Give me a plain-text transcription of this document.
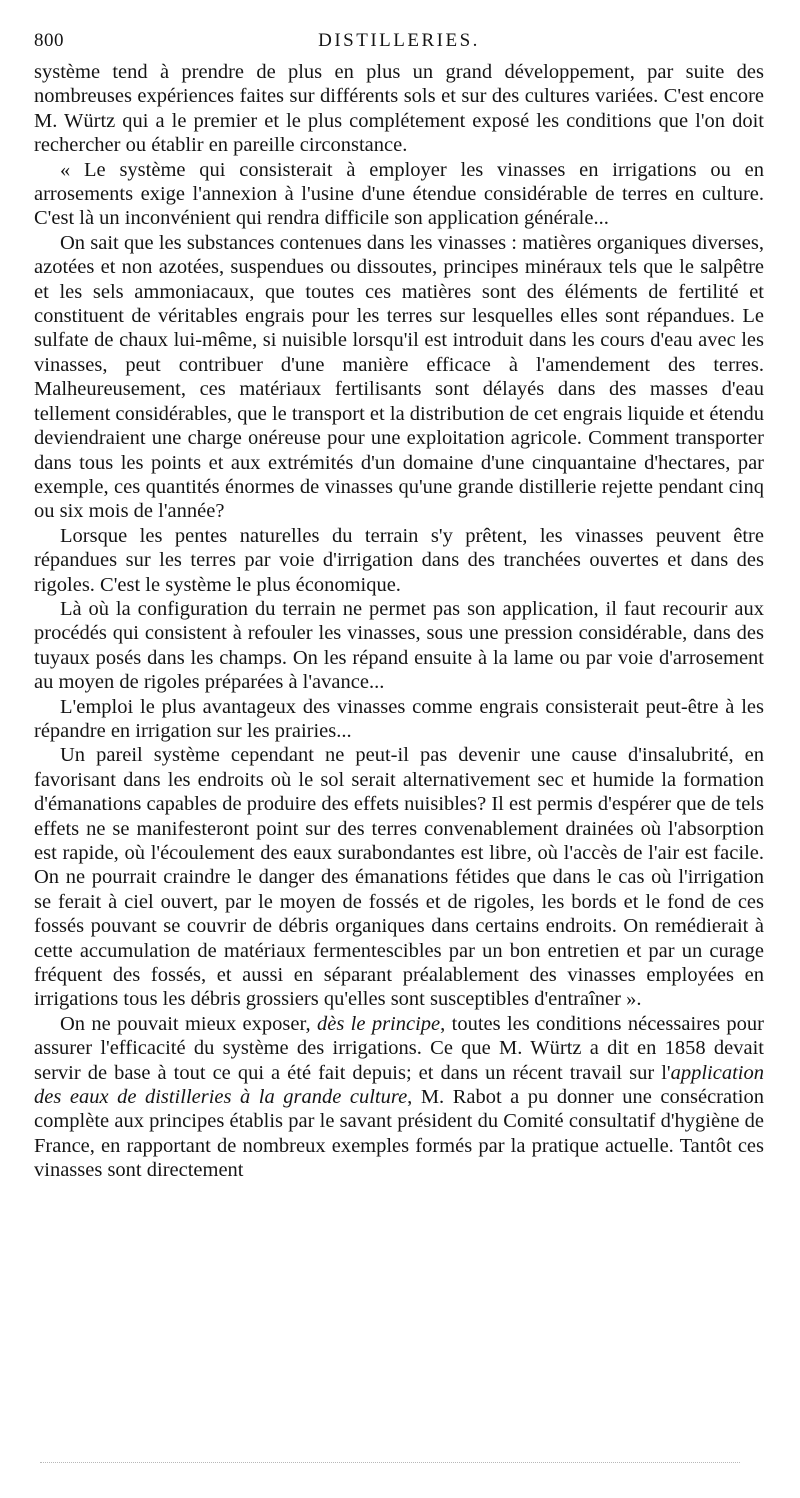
800	DISTILLERIES.

système tend à prendre de plus en plus un grand développement, par suite des nombreuses expériences faites sur différents sols et sur des cultures variées. C'est encore M. Würtz qui a le premier et le plus complétement exposé les conditions que l'on doit rechercher ou établir en pareille circonstance.

« Le système qui consisterait à employer les vinasses en irrigations ou en arrosements exige l'annexion à l'usine d'une étendue considérable de terres en culture. C'est là un inconvénient qui rendra difficile son application générale...

On sait que les substances contenues dans les vinasses : matières organiques diverses, azotées et non azotées, suspendues ou dissoutes, principes minéraux tels que le salpêtre et les sels ammoniacaux, que toutes ces matières sont des éléments de fertilité et constituent de véritables engrais pour les terres sur lesquelles elles sont répandues. Le sulfate de chaux lui-même, si nuisible lorsqu'il est introduit dans les cours d'eau avec les vinasses, peut contribuer d'une manière efficace à l'amendement des terres. Malheureusement, ces matériaux fertilisants sont délayés dans des masses d'eau tellement considérables, que le transport et la distribution de cet engrais liquide et étendu deviendraient une charge onéreuse pour une exploitation agricole. Comment transporter dans tous les points et aux extrémités d'un domaine d'une cinquantaine d'hectares, par exemple, ces quantités énormes de vinasses qu'une grande distillerie rejette pendant cinq ou six mois de l'année?

Lorsque les pentes naturelles du terrain s'y prêtent, les vinasses peuvent être répandues sur les terres par voie d'irrigation dans des tranchées ouvertes et dans des rigoles. C'est le système le plus économique.

Là où la configuration du terrain ne permet pas son application, il faut recourir aux procédés qui consistent à refouler les vinasses, sous une pression considérable, dans des tuyaux posés dans les champs. On les répand ensuite à la lame ou par voie d'arrosement au moyen de rigoles préparées à l'avance...

L'emploi le plus avantageux des vinasses comme engrais consisterait peut-être à les répandre en irrigation sur les prairies...

Un pareil système cependant ne peut-il pas devenir une cause d'insalubrité, en favorisant dans les endroits où le sol serait alternativement sec et humide la formation d'émanations capables de produire des effets nuisibles? Il est permis d'espérer que de tels effets ne se manifesteront point sur des terres convenablement drainées où l'absorption est rapide, où l'écoulement des eaux surabondantes est libre, où l'accès de l'air est facile. On ne pourrait craindre le danger des émanations fétides que dans le cas où l'irrigation se ferait à ciel ouvert, par le moyen de fossés et de rigoles, les bords et le fond de ces fossés pouvant se couvrir de débris organiques dans certains endroits. On remédierait à cette accumulation de matériaux fermentescibles par un bon entretien et par un curage fréquent des fossés, et aussi en séparant préalablement des vinasses employées en irrigations tous les débris grossiers qu'elles sont susceptibles d'entraîner ».

On ne pouvait mieux exposer, dès le principe, toutes les conditions nécessaires pour assurer l'efficacité du système des irrigations. Ce que M. Würtz a dit en 1858 devait servir de base à tout ce qui a été fait depuis; et dans un récent travail sur l'application des eaux de distilleries à la grande culture, M. Rabot a pu donner une consécration complète aux principes établis par le savant président du Comité consultatif d'hygiène de France, en rapportant de nombreux exemples formés par la pratique actuelle. Tantôt ces vinasses sont directement
